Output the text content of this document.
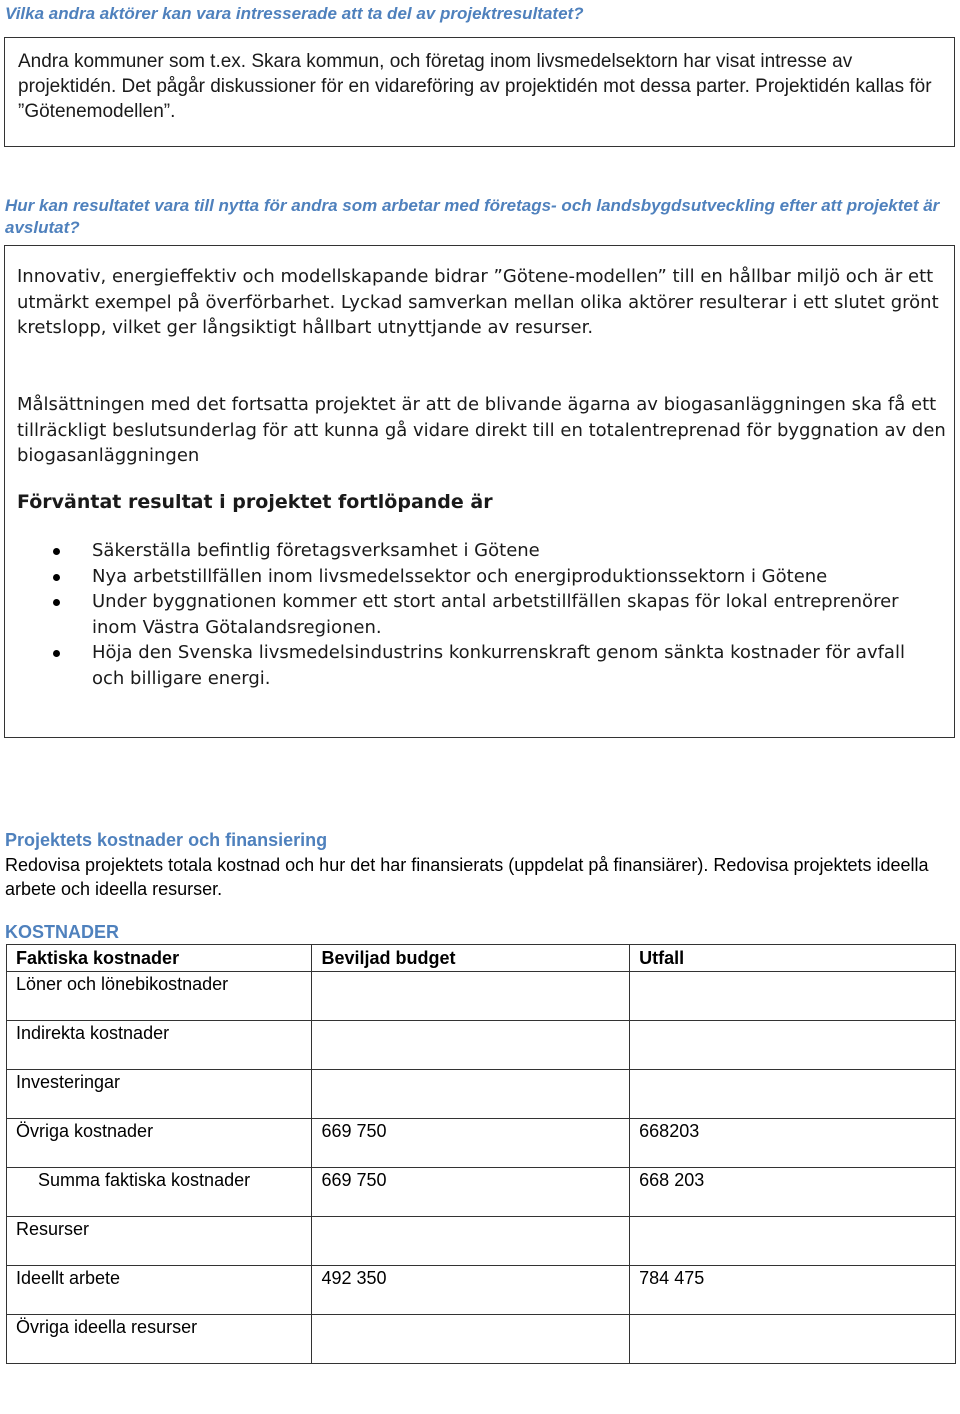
Vilka andra aktörer kan vara intresserade att ta del av projektresultatet?
Andra kommuner som t.ex. Skara kommun, och företag inom livsmedelsektorn har visat intresse av projektidén. Det pågår diskussioner för en vidareföring av projektidén mot dessa parter. Projektidén kallas för ”Götenemodellen”.
Hur kan resultatet vara till nytta för andra som arbetar med företags- och landsbygdsutveckling efter att projektet är avslutat?
Innovativ, energieffektiv och modellskapande bidrar ”Götene-modellen” till en hållbar miljö och är ett utmärkt exempel på överförbarhet. Lyckad samverkan mellan olika aktörer resulterar i ett slutet grönt kretslopp, vilket ger långsiktigt hållbart utnyttjande av resurser.
Målsättningen med det fortsatta projektet är att de blivande ägarna av biogasanläggningen ska få ett tillräckligt beslutsunderlag för att kunna gå vidare direkt till en totalentreprenad för byggnation av den biogasanläggningen
Förväntat resultat i projektet fortlöpande är
Säkerställa befintlig företagsverksamhet i Götene
Nya arbetstillfällen inom livsmedelssektor och energiproduktionssektorn i Götene
Under byggnationen kommer ett stort antal arbetstillfällen skapas för lokal entreprenörer inom Västra Götalandsregionen.
Höja den Svenska livsmedelsindustrins konkurrenskraft genom sänkta kostnader för avfall och billigare energi.
Projektets kostnader och finansiering
Redovisa projektets totala kostnad och hur det har finansierats (uppdelat på finansiärer). Redovisa projektets ideella arbete och ideella resurser.
KOSTNADER
Faktiska kostnader	Beviljad budget	Utfall
Löner och lönebikostnader		
Indirekta kostnader		
Investeringar		
Övriga kostnader	669 750	668203
Summa faktiska kostnader	669 750	668 203
Resurser		
Ideellt arbete	492 350	784 475
Övriga ideella resurser		
